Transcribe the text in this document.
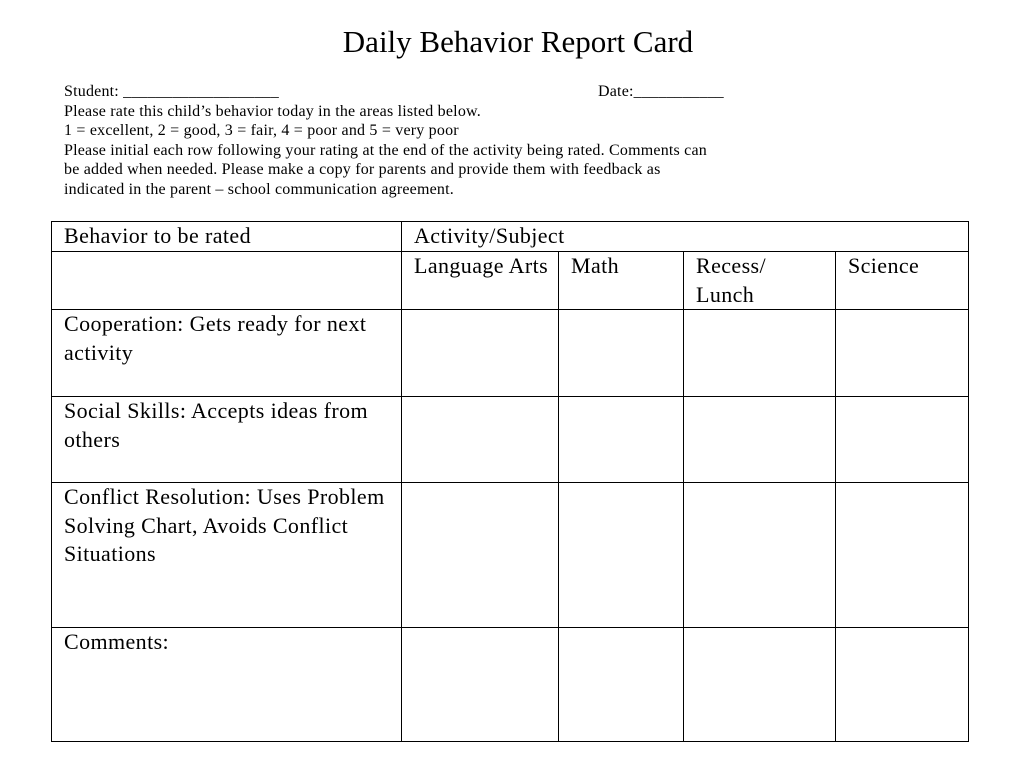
Daily Behavior Report Card
Student: ___________________	Date:___________
Please rate this child’s behavior today in the areas listed below.
1 = excellent, 2 = good, 3 = fair, 4 = poor and 5 = very poor
Please initial each row following your rating at the end of the activity being rated. Comments can
be added when needed. Please make a copy for parents and provide them with feedback as
indicated in the parent – school communication agreement.
Behavior to be rated	Activity/Subject			
	Language Arts	Math	Recess/ Lunch	Science
Cooperation: Gets ready for next activity				
Social Skills: Accepts ideas from others				
Conflict Resolution: Uses Problem Solving Chart, Avoids Conflict Situations				
Comments:				
